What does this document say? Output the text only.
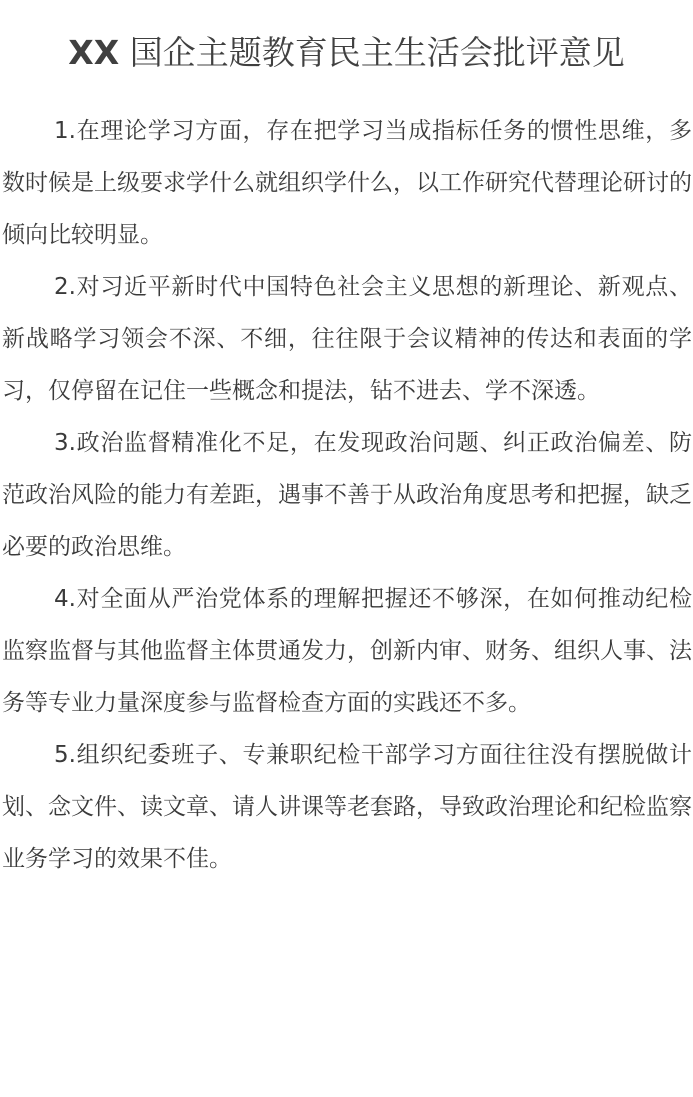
XX 国企主题教育民主生活会批评意见

1.在理论学习方面，存在把学习当成指标任务的惯性思维，多数时候是上级要求学什么就组织学什么，以工作研究代替理论研讨的倾向比较明显。

2.对习近平新时代中国特色社会主义思想的新理论、新观点、新战略学习领会不深、不细，往往限于会议精神的传达和表面的学习，仅停留在记住一些概念和提法，钻不进去、学不深透。

3.政治监督精准化不足，在发现政治问题、纠正政治偏差、防范政治风险的能力有差距，遇事不善于从政治角度思考和把握，缺乏必要的政治思维。

4.对全面从严治党体系的理解把握还不够深，在如何推动纪检监察监督与其他监督主体贯通发力，创新内审、财务、组织人事、法务等专业力量深度参与监督检查方面的实践还不多。

5.组织纪委班子、专兼职纪检干部学习方面往往没有摆脱做计划、念文件、读文章、请人讲课等老套路，导致政治理论和纪检监察业务学习的效果不佳。
